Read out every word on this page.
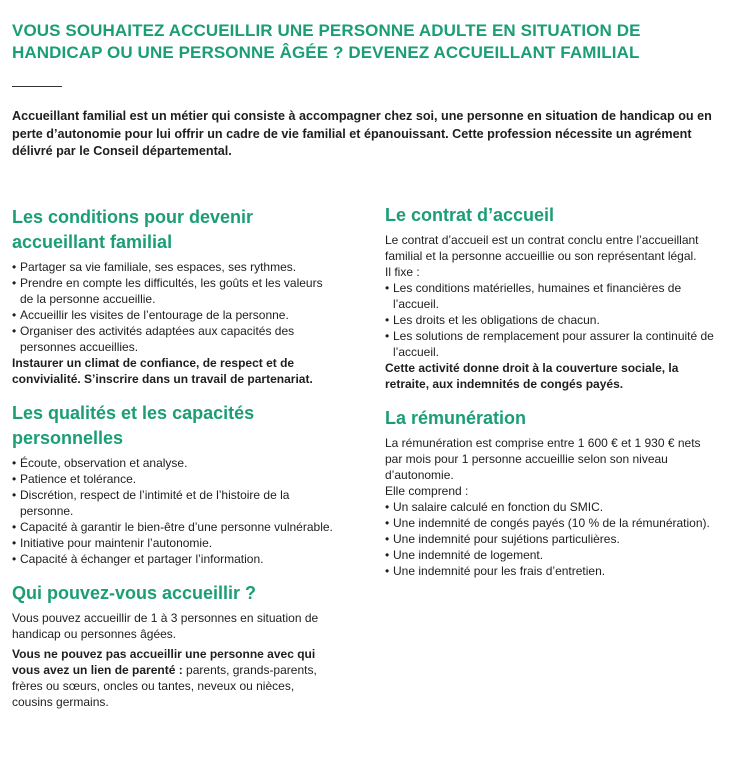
VOUS SOUHAITEZ ACCUEILLIR UNE PERSONNE ADULTE EN SITUATION DE HANDICAP OU UNE PERSONNE ÂGÉE ? DEVENEZ ACCUEILLANT FAMILIAL

Accueillant familial est un métier qui consiste à accompagner chez soi, une personne en situation de handicap ou en perte d’autonomie pour lui offrir un cadre de vie familial et épanouissant. Cette profession nécessite un agrément délivré par le Conseil départemental.

Les conditions pour devenir accueillant familial
• Partager sa vie familiale, ses espaces, ses rythmes.
• Prendre en compte les difficultés, les goûts et les valeurs de la personne accueillie.
• Accueillir les visites de l’entourage de la personne.
• Organiser des activités adaptées aux capacités des personnes accueillies.

Instaurer un climat de confiance, de respect et de convivialité. S’inscrire dans un travail de partenariat.

Les qualités et les capacités personnelles
• Écoute, observation et analyse.
• Patience et tolérance.
• Discrétion, respect de l’intimité et de l’histoire de la personne.
• Capacité à garantir le bien-être d’une personne vulnérable.
• Initiative pour maintenir l’autonomie.
• Capacité à échanger et partager l’information.
Qui pouvez-vous accueillir ?

Vous pouvez accueillir de 1 à 3 personnes en situation de handicap ou personnes âgées.

Vous ne pouvez pas accueillir une personne avec qui vous avez un lien de parenté : parents, grands-parents, frères ou sœurs, oncles ou tantes, neveux ou nièces, cousins germains.

Le contrat d’accueil

Le contrat d’accueil est un contrat conclu entre l’accueillant familial et la personne accueillie ou son représentant légal.

Il fixe :

• Les conditions matérielles, humaines et financières de l’accueil.
• Les droits et les obligations de chacun.
• Les solutions de remplacement pour assurer la continuité de l’accueil.

Cette activité donne droit à la couverture sociale, la retraite, aux indemnités de congés payés.

La rémunération

La rémunération est comprise entre 1 600 € et 1 930 € nets par mois pour 1 personne accueillie selon son niveau d’autonomie.

Elle comprend :

• Un salaire calculé en fonction du SMIC.
• Une indemnité de congés payés (10 % de la rémunération).
• Une indemnité pour sujétions particulières.
• Une indemnité de logement.
• Une indemnité pour les frais d’entretien.
